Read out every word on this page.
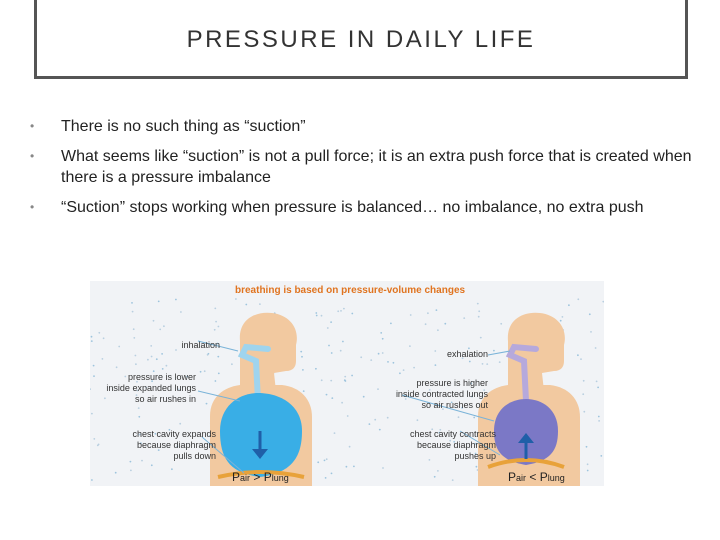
PRESSURE IN DAILY LIFE
• There is no such thing as “suction”
• What seems like “suction” is not a pull force; it is an extra push force that is created when there is a pressure imbalance
• “Suction” stops working when pressure is balanced… no imbalance, no extra push
breathing is based on pressure-volume changes
inhalation
pressure is lower
inside expanded lungs
so air rushes in
chest cavity expands
because diaphragm
pulls down
Pair > Plung
exhalation
pressure is higher
inside contracted lungs
so air rushes out
chest cavity contracts
because diaphragm
pushes up
Pair < Plung
